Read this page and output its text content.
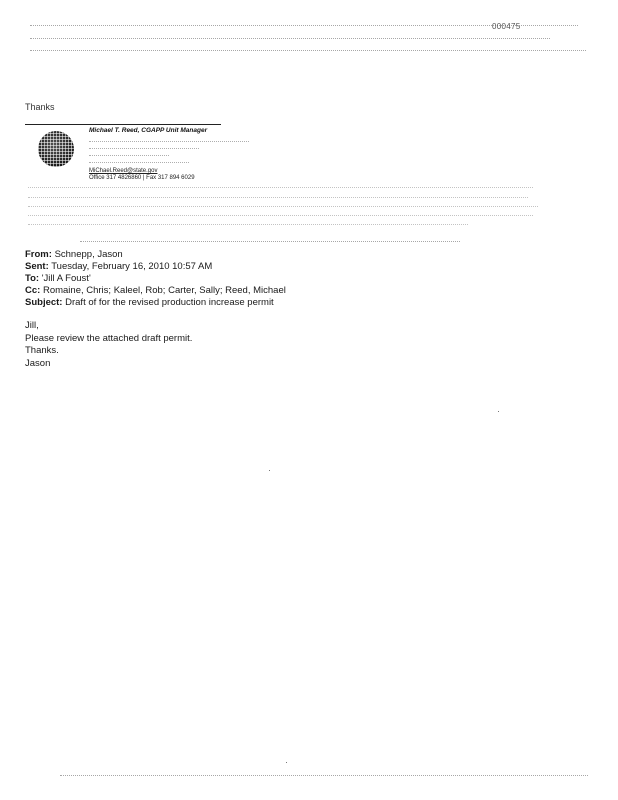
000475
Thanks
Michael T. Reed, CGAPP Unit Manager
MiChael.Reed@state.gov
Office 317 4826860 | Fax 317 894 6029
From: Schnepp, Jason
Sent: Tuesday, February 16, 2010 10:57 AM
To: 'Jill A Foust'
Cc: Romaine, Chris; Kaleel, Rob; Carter, Sally; Reed, Michael
Subject: Draft of for the revised production increase permit
Jill,
Please review the attached draft permit.
Thanks.
Jason
